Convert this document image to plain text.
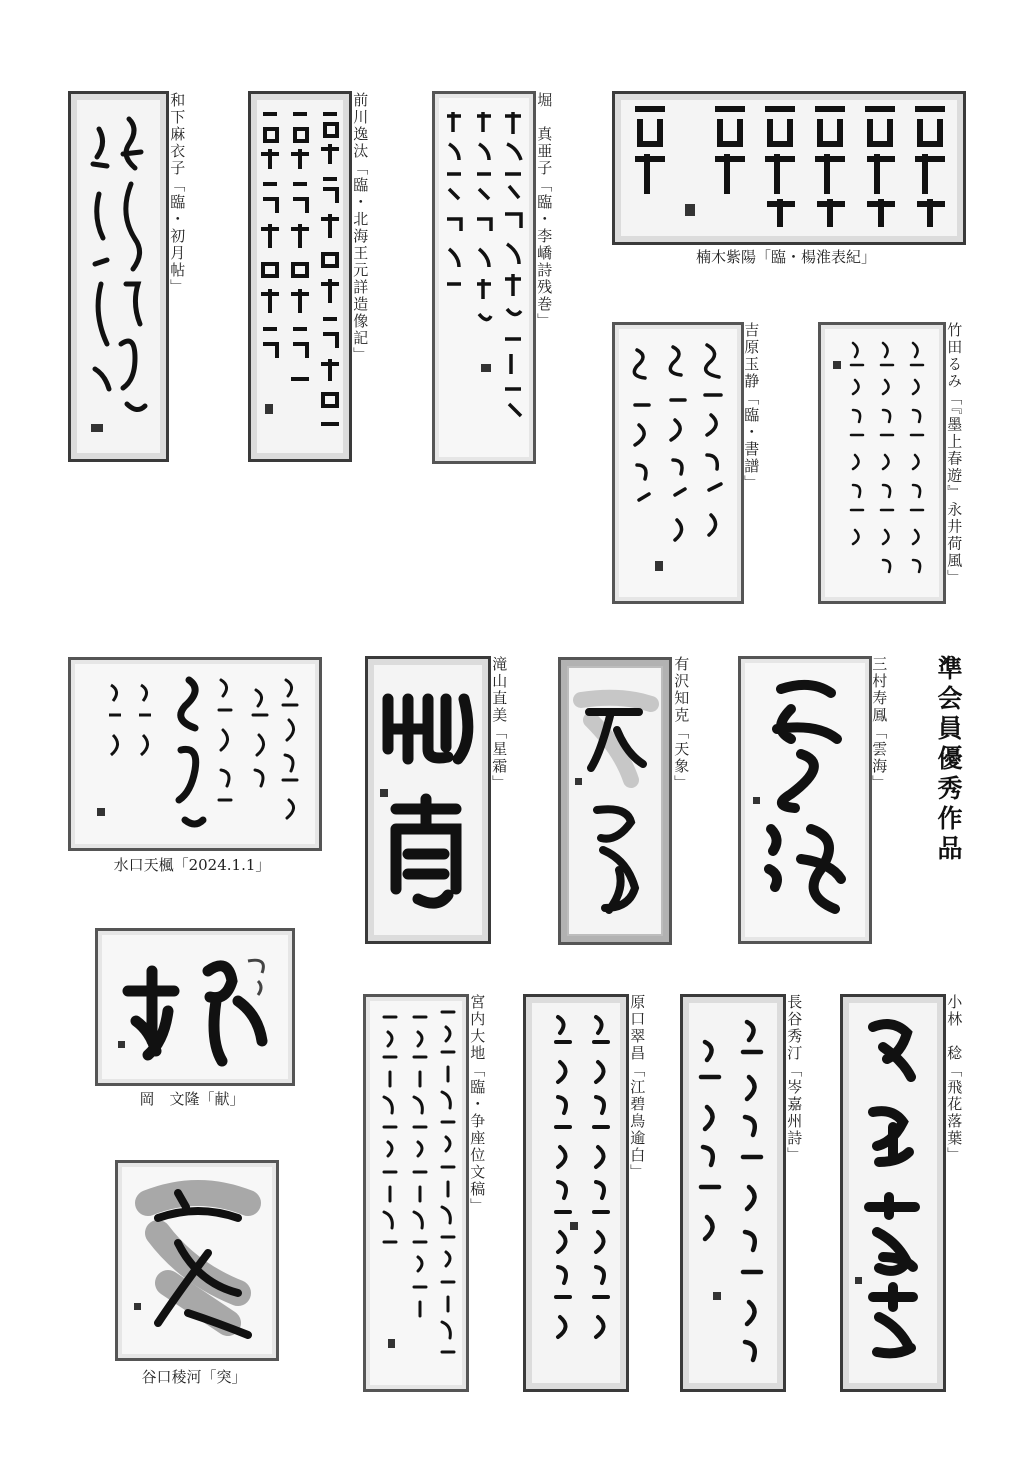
準会員優秀作品
和下麻衣子「臨・初月帖」	前川逸汰「臨・北海王元詳造像記」	堀　真亜子「臨・李嶠詩残巻」	楠木紫陽「臨・楊淮表紀」
吉原玉静「臨・書譜」	竹田るみ「『墨上春遊』永井荷風」
水口天楓「2024.1.1」
滝山直美「星霜」	有沢知克「天象」	三村寿鳳「雲海」
岡　文隆「献」
谷口稜河「突」
宮内大地「臨・争座位文稿」	原口翠昌「江碧鳥逾白」	長谷秀汀「岑嘉州詩」	小林　稔「飛花落葉」
